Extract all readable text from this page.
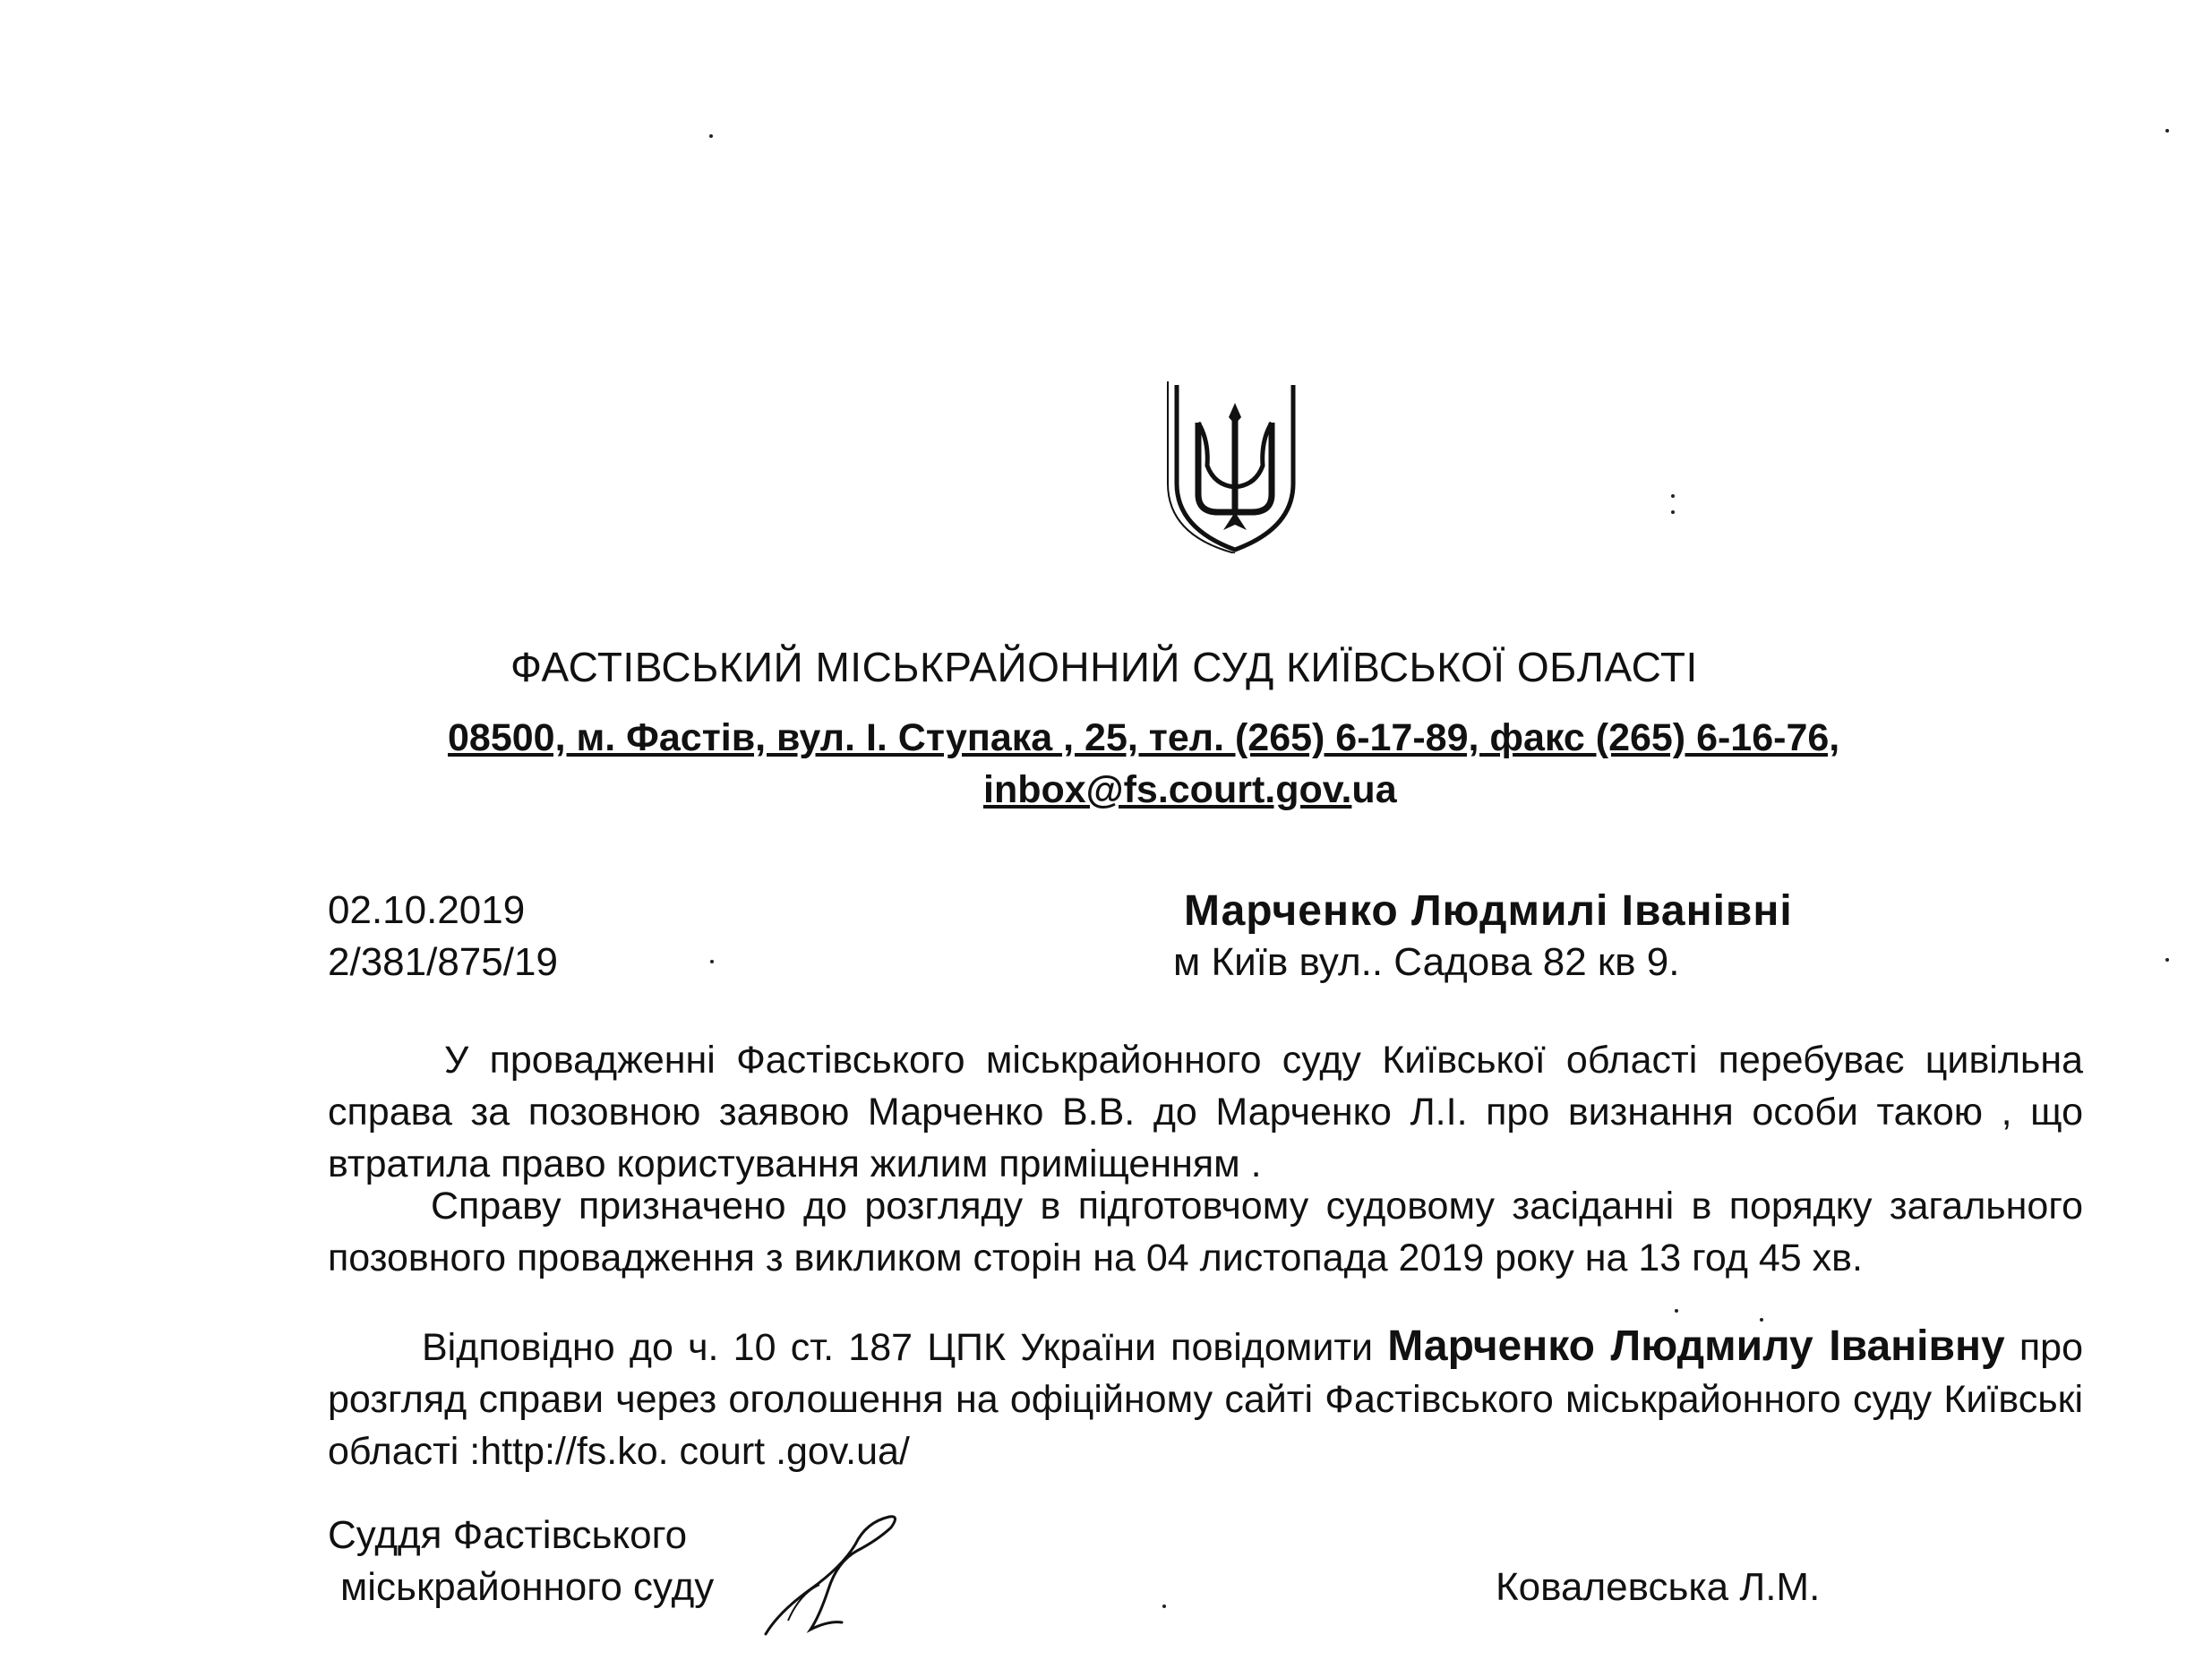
ФАСТІВСЬКИЙ МІСЬКРАЙОННИЙ СУД КИЇВСЬКОЇ ОБЛАСТІ
08500, м. Фастів, вул. І. Ступака , 25, тел. (265) 6-17-89, факс (265) 6-16-76,
inbox@fs.court.gov.ua
02.10.2019
2/381/875/19
Марченко Людмилі Іванівні
м Київ вул.. Садова 82 кв 9.
У провадженні Фастівського міськрайонного суду Київської області перебуває цивільна справа за позовною заявою Марченко В.В. до Марченко Л.І. про визнання особи такою , що втратила право користування жилим приміщенням .
Справу призначено до розгляду в підготовчому судовому засіданні в порядку загального позовного провадження з викликом сторін на 04 листопада 2019 року на 13 год 45 хв.
Відповідно до ч. 10 ст. 187 ЦПК України повідомити Марченко Людмилу Іванівну про розгляд справи через оголошення на офіційному сайті Фастівського міськрайонного суду Київські області :http://fs.ko. court .gov.ua/
Суддя Фастівського
міськрайонного суду	Ковалевська Л.М.
